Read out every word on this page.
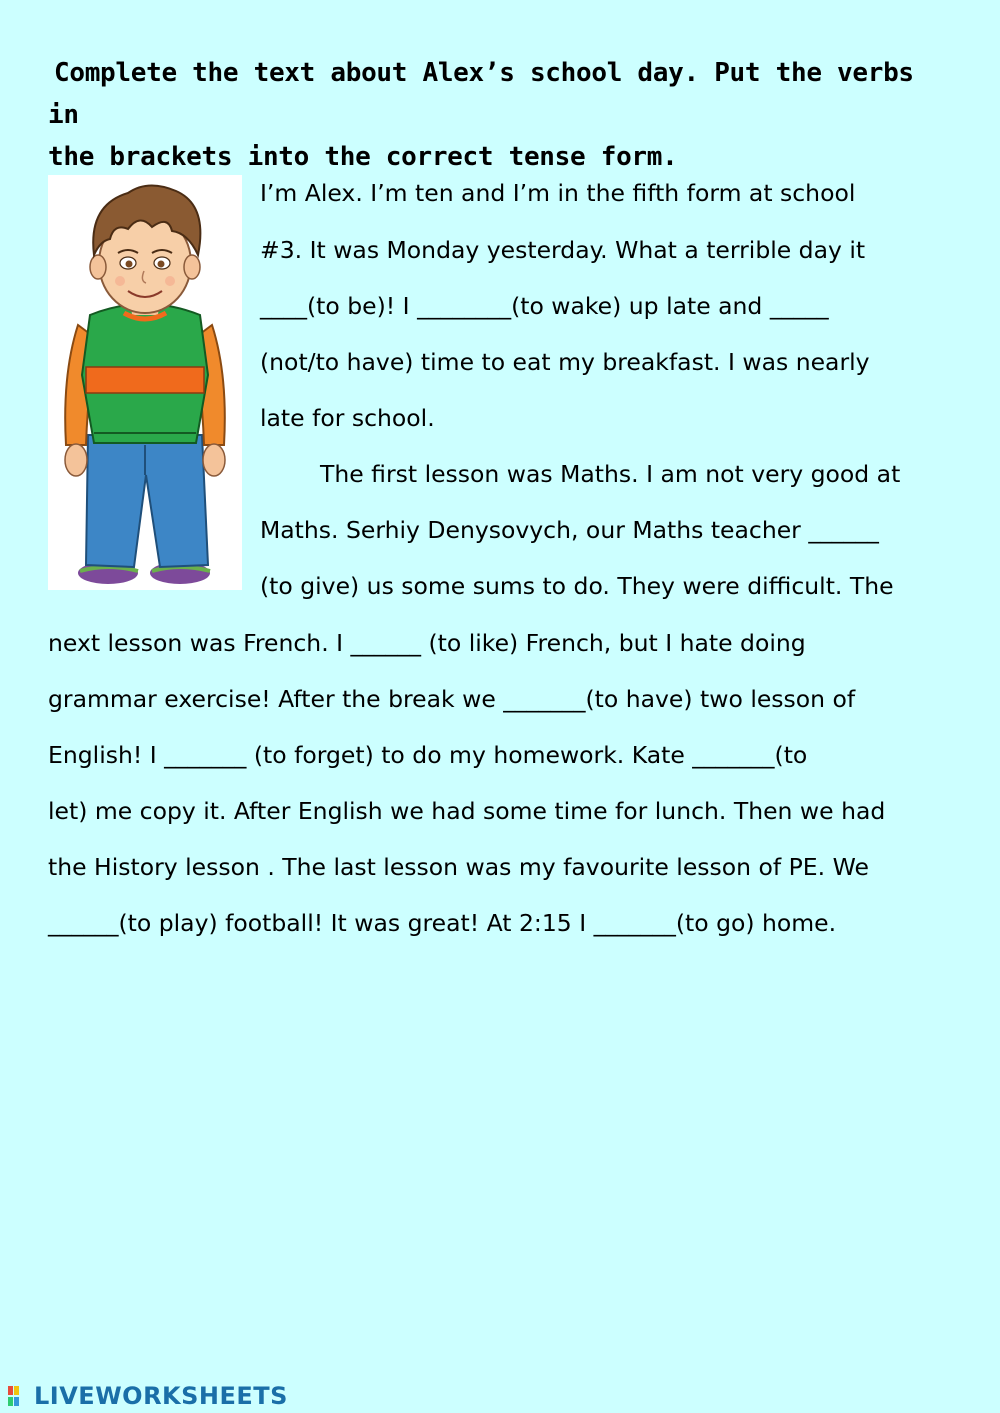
Complete the text about Alex’s school day. Put the verbs in
the brackets into the correct tense form.
I’m Alex. I’m ten and I’m in the fifth form at school
#3. It was Monday yesterday. What a terrible day it
____(to be)! I ________(to wake) up late and _____
(not/to have) time to eat my breakfast. I was nearly
late for school.
The first lesson was Maths. I am not very good at
Maths. Serhiy Denysovych, our Maths teacher ______
(to give) us some sums to do. They were difficult. The
next lesson was French. I ______ (to like) French, but I hate doing
grammar exercise! After the break we _______(to have) two lesson of
English! I _______ (to forget) to do my homework. Kate _______(to
let) me copy it. After English we had some time for lunch. Then we had
the History lesson . The last lesson was my favourite lesson of PE. We
______(to play) football! It was great! At 2:15 I _______(to go) home.
LIVEWORKSHEETS
